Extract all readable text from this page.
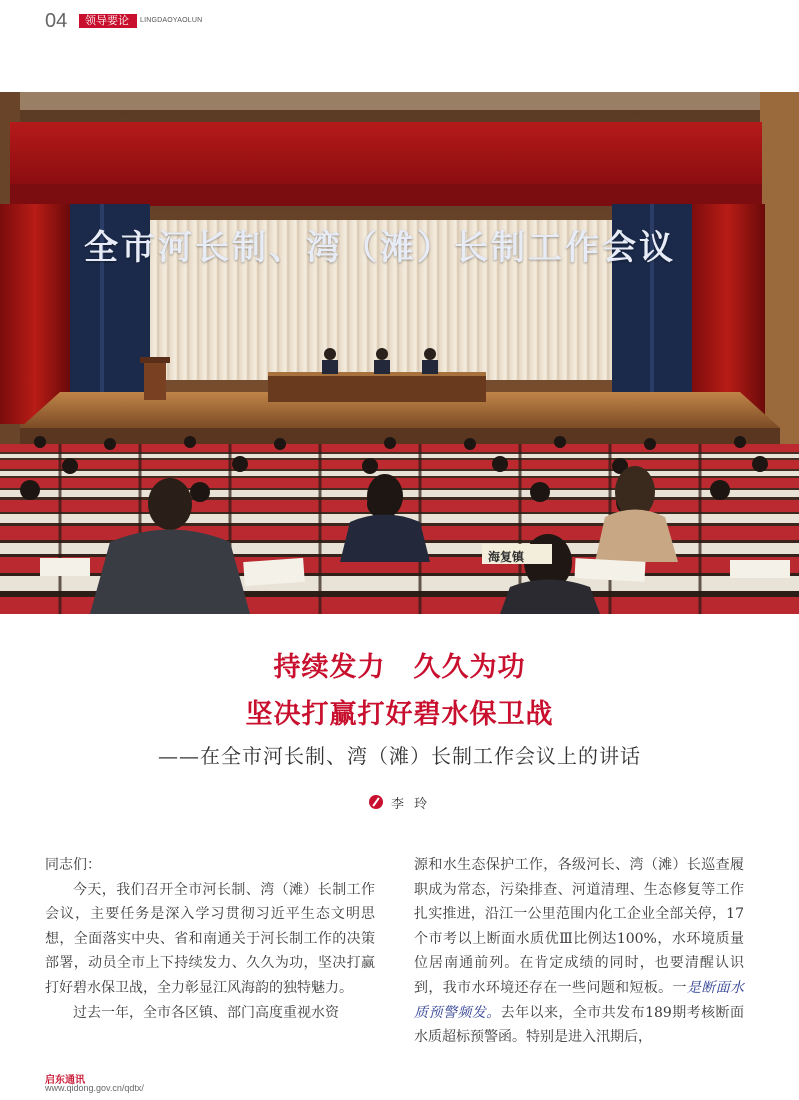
04 领导要论 LINGDAOYAOLUN
全市河长制、湾（滩）长制工作会议
海复镇
持续发力　久久为功
坚决打赢打好碧水保卫战
——在全市河长制、湾（滩）长制工作会议上的讲话
李 玲

同志们：

今天，我们召开全市河长制、湾（滩）长制工作会议，主要任务是深入学习贯彻习近平生态文明思想，全面落实中央、省和南通关于河长制工作的决策部署，动员全市上下持续发力、久久为功，坚决打赢打好碧水保卫战，全力彰显江风海韵的独特魅力。

过去一年，全市各区镇、部门高度重视水资

源和水生态保护工作，各级河长、湾（滩）长巡查履职成为常态，污染排查、河道清理、生态修复等工作扎实推进，沿江一公里范围内化工企业全部关停，17个市考以上断面水质优Ⅲ比例达100%，水环境质量位居南通前列。在肯定成绩的同时，也要清醒认识到，我市水环境还存在一些问题和短板。一是断面水质预警频发。去年以来，全市共发布189期考核断面水质超标预警函。特别是进入汛期后，

启东通讯
www.qidong.gov.cn/qdtx/
